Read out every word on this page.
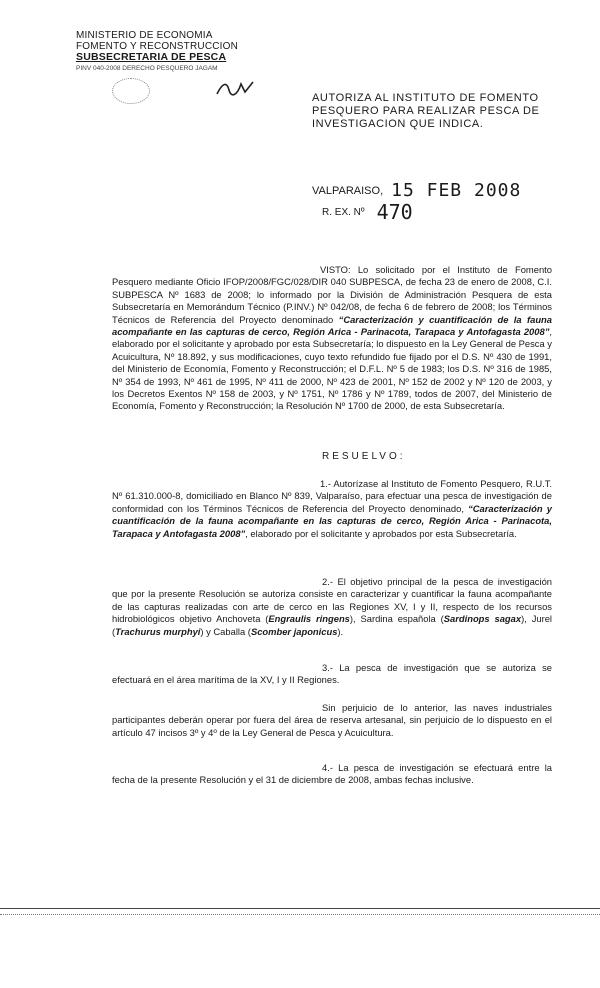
MINISTERIO DE ECONOMIA
FOMENTO Y RECONSTRUCCION
SUBSECRETARIA DE PESCA
PINV 040-2008 DERECHO PESQUERO JAGAM
AUTORIZA AL INSTITUTO DE FOMENTO PESQUERO PARA REALIZAR PESCA DE INVESTIGACION QUE INDICA.
VALPARAISO, 15 FEB 2008
R. EX. Nº 470

VISTO: Lo solicitado por el Instituto de Fomento Pesquero mediante Oficio IFOP/2008/FGC/028/DIR 040 SUBPESCA, de fecha 23 de enero de 2008, C.I. SUBPESCA Nº 1683 de 2008; lo informado por la División de Administración Pesquera de esta Subsecretaría en Memorándum Técnico (P.INV.) Nº 042/08, de fecha 6 de febrero de 2008; los Términos Técnicos de Referencia del Proyecto denominado “Caracterización y cuantificación de la fauna acompañante en las capturas de cerco, Región Arica - Parinacota, Tarapaca y Antofagasta 2008”, elaborado por el solicitante y aprobado por esta Subsecretaría; lo dispuesto en la Ley General de Pesca y Acuicultura, Nº 18.892, y sus modificaciones, cuyo texto refundido fue fijado por el D.S. Nº 430 de 1991, del Ministerio de Economía, Fomento y Reconstrucción; el D.F.L. Nº 5 de 1983; los D.S. Nº 316 de 1985, Nº 354 de 1993, Nº 461 de 1995, Nº 411 de 2000, Nº 423 de 2001, Nº 152 de 2002 y Nº 120 de 2003, y los Decretos Exentos Nº 158 de 2003, y Nº 1751, Nº 1786 y Nº 1789, todos de 2007, del Ministerio de Economía, Fomento y Reconstrucción; la Resolución Nº 1700 de 2000, de esta Subsecretaría.

RESUELVO:

1.- Autorízase al Instituto de Fomento Pesquero, R.U.T. Nº 61.310.000-8, domiciliado en Blanco Nº 839, Valparaíso, para efectuar una pesca de investigación de conformidad con los Términos Técnicos de Referencia del Proyecto denominado, “Caracterización y cuantificación de la fauna acompañante en las capturas de cerco, Región Arica - Parinacota, Tarapaca y Antofagasta 2008”, elaborado por el solicitante y aprobados por esta Subsecretaría.

2.- El objetivo principal de la pesca de investigación que por la presente Resolución se autoriza consiste en caracterizar y cuantificar la fauna acompañante de las capturas realizadas con arte de cerco en las Regiones XV, I y II, respecto de los recursos hidrobiológicos objetivo Anchoveta (Engraulis ringens), Sardina española (Sardinops sagax), Jurel (Trachurus murphyi) y Caballa (Scomber japonicus).

3.- La pesca de investigación que se autoriza se efectuará en el área marítima de la XV, I y II Regiones.

Sin perjuicio de lo anterior, las naves industriales participantes deberán operar por fuera del área de reserva artesanal, sin perjuicio de lo dispuesto en el artículo 47 incisos 3º y 4º de la Ley General de Pesca y Acuicultura.

4.- La pesca de investigación se efectuará entre la fecha de la presente Resolución y el 31 de diciembre de 2008, ambas fechas inclusive.
